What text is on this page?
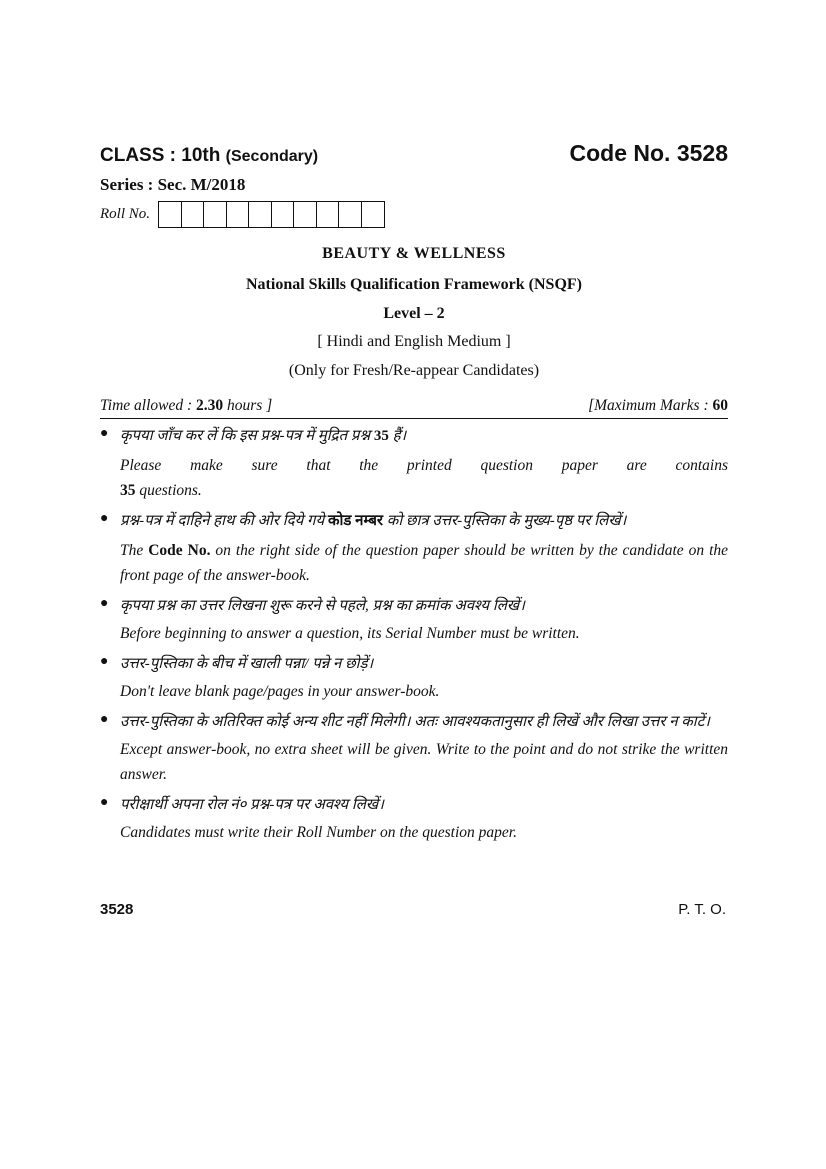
CLASS : 10th (Secondary)	Code No. 3528
Series : Sec. M/2018
Roll No.
BEAUTY & WELLNESS
National Skills Qualification Framework (NSQF)
Level – 2
[ Hindi and English Medium ]
(Only for Fresh/Re-appear Candidates)
Time allowed : 2.30 hours ]	[Maximum Marks : 60
● कृपया जाँच कर लें कि इस प्रश्न-पत्र में मुद्रित प्रश्न 35 हैं।
Please make sure that the printed question paper are contains
35 questions.
● प्रश्न-पत्र में दाहिने हाथ की ओर दिये गये कोड नम्बर को छात्र उत्तर-पुस्तिका के मुख्य-पृष्ठ पर लिखें।
The Code No. on the right side of the question paper should be written by the candidate on the front page of the answer-book.
● कृपया प्रश्न का उत्तर लिखना शुरू करने से पहले, प्रश्न का क्रमांक अवश्य लिखें।
Before beginning to answer a question, its Serial Number must be written.
● उत्तर-पुस्तिका के बीच में खाली पन्ना/ पन्ने न छोड़ें।
Don't leave blank page/pages in your answer-book.
● उत्तर-पुस्तिका के अतिरिक्त कोई अन्य शीट नहीं मिलेगी। अतः आवश्यकतानुसार ही लिखें और लिखा उत्तर न काटें।
Except answer-book, no extra sheet will be given. Write to the point and do not strike the written answer.
● परीक्षार्थी अपना रोल नं० प्रश्न-पत्र पर अवश्य लिखें।
Candidates must write their Roll Number on the question paper.
3528	P. T. O.
